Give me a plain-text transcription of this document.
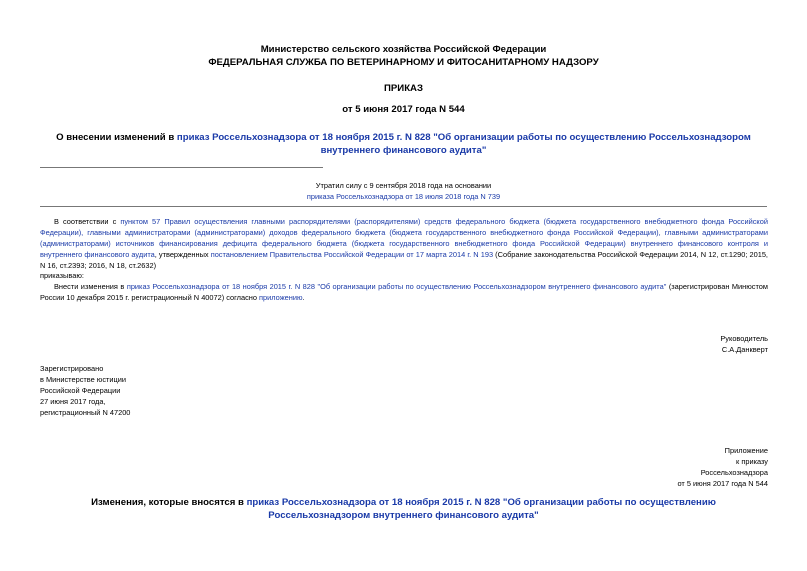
Министерство сельского хозяйства Российской Федерации
ФЕДЕРАЛЬНАЯ СЛУЖБА ПО ВЕТЕРИНАРНОМУ И ФИТОСАНИТАРНОМУ НАДЗОРУ
ПРИКАЗ
от 5 июня 2017 года N 544
О внесении изменений в приказ Россельхознадзора от 18 ноября 2015 г. N 828 "Об организации работы по осуществлению Россельхознадзором внутреннего финансового аудита"
Утратил силу с 9 сентября 2018 года на основании
приказа Россельхознадзора от 18 июля 2018 года N 739
В соответствии с пунктом 57 Правил осуществления главными распорядителями (распорядителями) средств федерального бюджета (бюджета государственного внебюджетного фонда Российской Федерации), главными администраторами (администраторами) доходов федерального бюджета (бюджета государственного внебюджетного фонда Российской Федерации), главными администраторами (администраторами) источников финансирования дефицита федерального бюджета (бюджета государственного внебюджетного фонда Российской Федерации) внутреннего финансового контроля и внутреннего финансового аудита, утвержденных постановлением Правительства Российской Федерации от 17 марта 2014 г. N 193 (Собрание законодательства Российской Федерации 2014, N 12, ст.1290; 2015, N 16, ст.2393; 2016, N 18, ст.2632)
приказываю:
Внести изменения в приказ Россельхознадзора от 18 ноября 2015 г. N 828 "Об организации работы по осуществлению Россельхознадзором внутреннего финансового аудита" (зарегистрирован Минюстом России 10 декабря 2015 г. регистрационный N 40072) согласно приложению.
Руководитель
С.А.Данкверт

Зарегистрировано

в Министерстве юстиции

Российской Федерации

27 июня 2017 года,

регистрационный N 47200

Приложение

к приказу

Россельхознадзора

от 5 июня 2017 года N 544

Изменения, которые вносятся в приказ Россельхознадзора от 18 ноября 2015 г. N 828 "Об организации работы по осуществлению Россельхознадзором внутреннего финансового аудита"
